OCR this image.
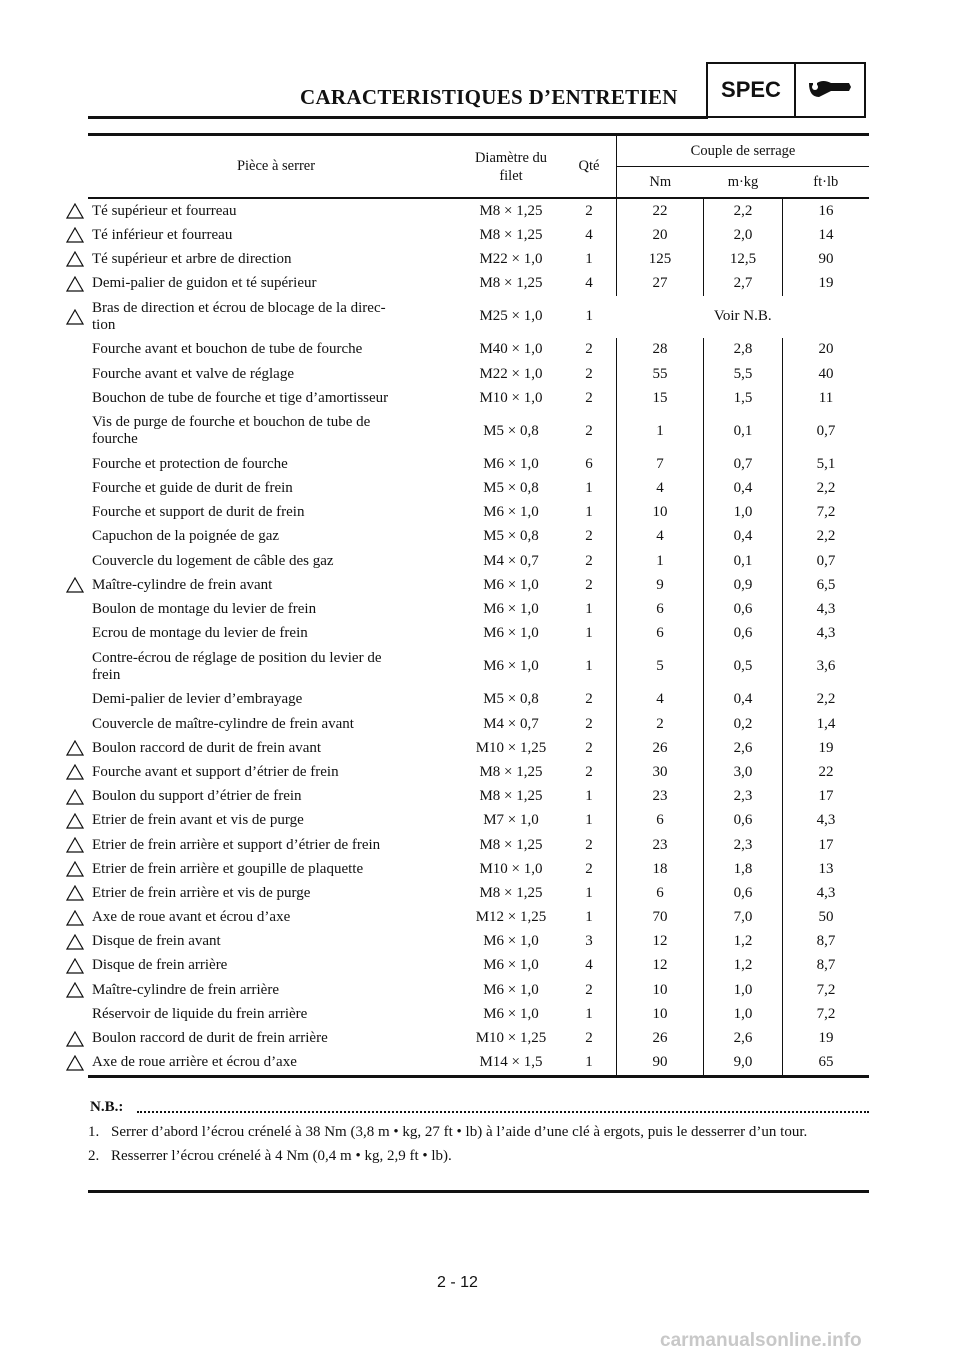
CARACTERISTIQUES D’ENTRETIEN	SPEC
Pièce à serrer	Diamètre du filet	Qté	Couple de serrage		
			Nm	m·kg	ft·lb
Té supérieur et fourreau	M8 × 1,25	2	22	2,2	16
Té inférieur et fourreau	M8 × 1,25	4	20	2,0	14
Té supérieur et arbre de direction	M22 × 1,0	1	125	12,5	90
Demi-palier de guidon et té supérieur	M8 × 1,25	4	27	2,7	19
Bras de direction et écrou de blocage de la direc-
tion	M25 × 1,0	1	Voir N.B.		
Fourche avant et bouchon de tube de fourche	M40 × 1,0	2	28	2,8	20
Fourche avant et valve de réglage	M22 × 1,0	2	55	5,5	40
Bouchon de tube de fourche et tige d’amortisseur	M10 × 1,0	2	15	1,5	11
Vis de purge de fourche et bouchon de tube de
fourche	M5 × 0,8	2	1	0,1	0,7
Fourche et protection de fourche	M6 × 1,0	6	7	0,7	5,1
Fourche et guide de durit de frein	M5 × 0,8	1	4	0,4	2,2
Fourche et support de durit de frein	M6 × 1,0	1	10	1,0	7,2
Capuchon de la poignée de gaz	M5 × 0,8	2	4	0,4	2,2
Couvercle du logement de câble des gaz	M4 × 0,7	2	1	0,1	0,7
Maître-cylindre de frein avant	M6 × 1,0	2	9	0,9	6,5
Boulon de montage du levier de frein	M6 × 1,0	1	6	0,6	4,3
Ecrou de montage du levier de frein	M6 × 1,0	1	6	0,6	4,3
Contre-écrou de réglage de position du levier de
frein	M6 × 1,0	1	5	0,5	3,6
Demi-palier de levier d’embrayage	M5 × 0,8	2	4	0,4	2,2
Couvercle de maître-cylindre de frein avant	M4 × 0,7	2	2	0,2	1,4
Boulon raccord de durit de frein avant	M10 × 1,25	2	26	2,6	19
Fourche avant et support d’étrier de frein	M8 × 1,25	2	30	3,0	22
Boulon du support d’étrier de frein	M8 × 1,25	1	23	2,3	17
Etrier de frein avant et vis de purge	M7 × 1,0	1	6	0,6	4,3
Etrier de frein arrière et support d’étrier de frein	M8 × 1,25	2	23	2,3	17
Etrier de frein arrière et goupille de plaquette	M10 × 1,0	2	18	1,8	13
Etrier de frein arrière et vis de purge	M8 × 1,25	1	6	0,6	4,3
Axe de roue avant et écrou d’axe	M12 × 1,25	1	70	7,0	50
Disque de frein avant	M6 × 1,0	3	12	1,2	8,7
Disque de frein arrière	M6 × 1,0	4	12	1,2	8,7
Maître-cylindre de frein arrière	M6 × 1,0	2	10	1,0	7,2
Réservoir de liquide du frein arrière	M6 × 1,0	1	10	1,0	7,2
Boulon raccord de durit de frein arrière	M10 × 1,25	2	26	2,6	19
Axe de roue arrière et écrou d’axe	M14 × 1,5	1	90	9,0	65
N.B.:
1. Serrer d’abord l’écrou crénelé à 38 Nm (3,8 m • kg, 27 ft • lb) à l’aide d’une clé à ergots, puis le desserrer d’un tour.
2. Resserrer l’écrou crénelé à 4 Nm (0,4 m • kg, 2,9 ft • lb).
2 - 12
carmanualsonline.info
